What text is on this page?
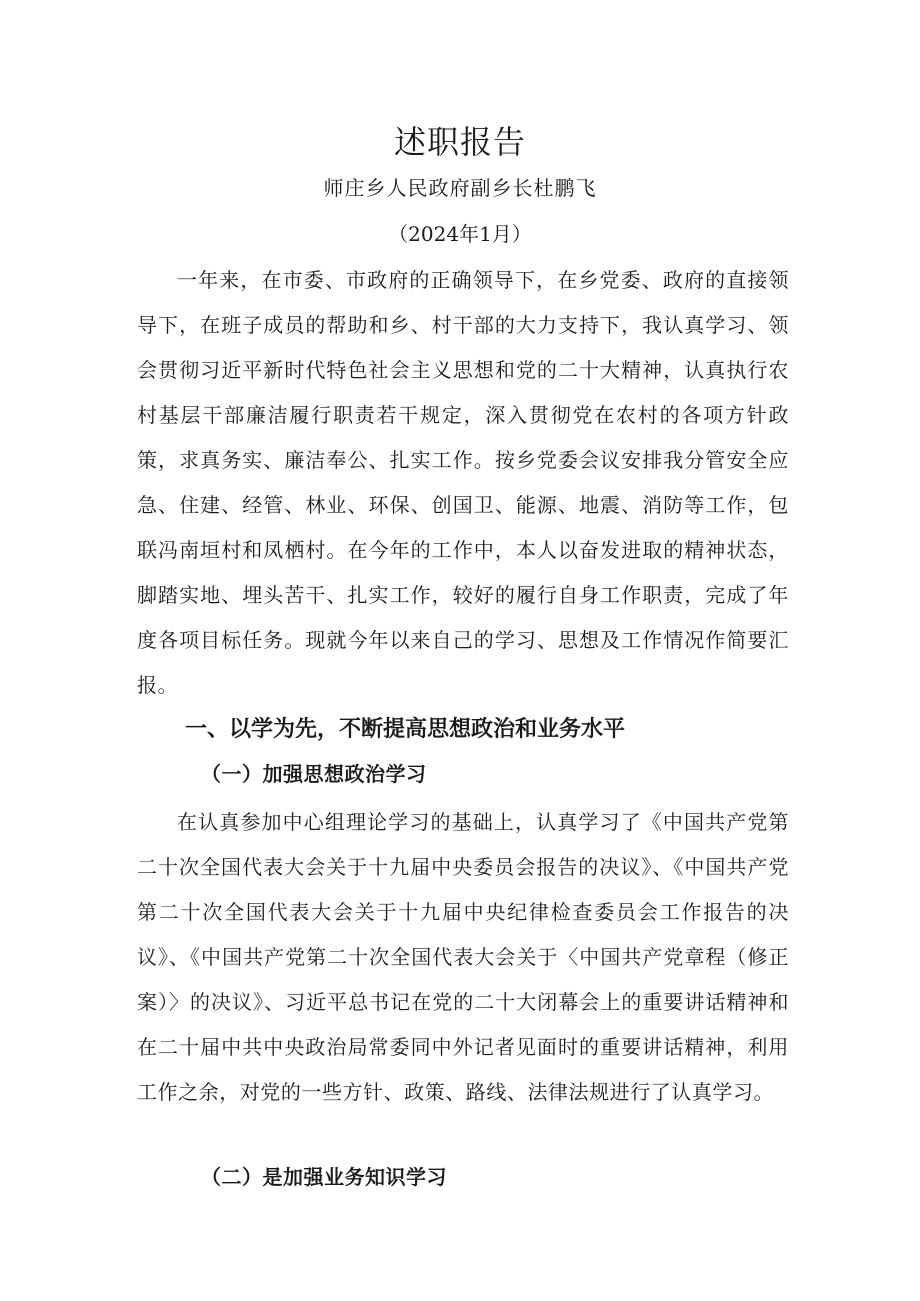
述职报告
师庄乡人民政府副乡长杜鹏飞
（2024年1月）

一年来，在市委、市政府的正确领导下，在乡党委、政府的直接领导下，在班子成员的帮助和乡、村干部的大力支持下，我认真学习、领会贯彻习近平新时代特色社会主义思想和党的二十大精神，认真执行农村基层干部廉洁履行职责若干规定，深入贯彻党在农村的各项方针政策，求真务实、廉洁奉公、扎实工作。按乡党委会议安排我分管安全应急、住建、经管、林业、环保、创国卫、能源、地震、消防等工作，包联冯南垣村和凤栖村。在今年的工作中，本人以奋发进取的精神状态，脚踏实地、埋头苦干、扎实工作，较好的履行自身工作职责，完成了年度各项目标任务。现就今年以来自己的学习、思想及工作情况作简要汇报。

一、以学为先，不断提高思想政治和业务水平
（一）加强思想政治学习

在认真参加中心组理论学习的基础上，认真学习了《中国共产党第二十次全国代表大会关于十九届中央委员会报告的决议》、《中国共产党第二十次全国代表大会关于十九届中央纪律检查委员会工作报告的决议》、《中国共产党第二十次全国代表大会关于〈中国共产党章程（修正案）〉的决议》、习近平总书记在党的二十大闭幕会上的重要讲话精神和在二十届中共中央政治局常委同中外记者见面时的重要讲话精神，利用工作之余，对党的一些方针、政策、路线、法律法规进行了认真学习。

（二）是加强业务知识学习
